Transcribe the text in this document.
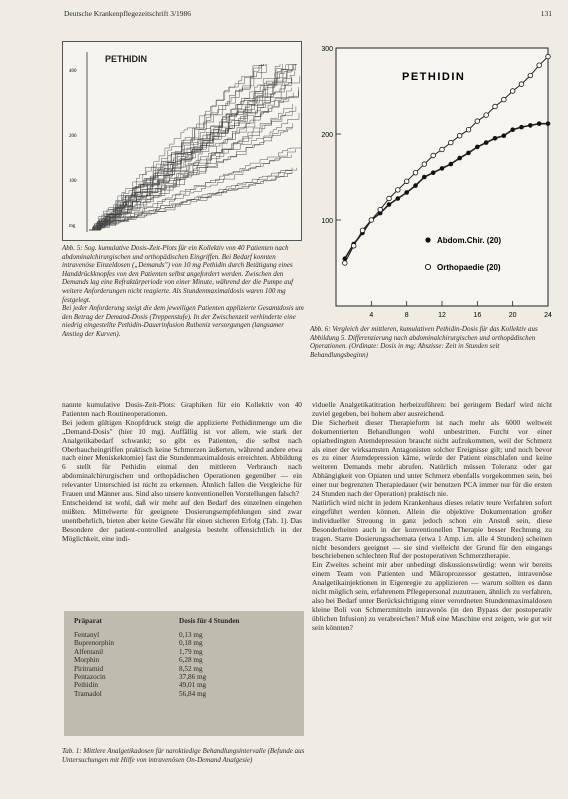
Deutsche Krankenpflegezeitschrift 3/1986	131
PETHIDIN
400
200
100
mg
Abb. 5: Sog. kumulative Dosis-Zeit-Plots für ein Kollektiv von 40 Patienten nach abdominalchirurgischen und orthopädischen Eingriffen. Bei Bedarf konnten intravenöse Einzeldosen („Demands") von 10 mg Pethidin durch Betätigung eines Handdrückknopfes von den Patienten selbst angefordert werden. Zwischen den Demands lag eine Refraktärperiode von einer Minute, während der die Pumpe auf weitere Anforderungen nicht reagierte. Als Stundenmaximaldosis waren 100 mg festgelegt.
Bei jeder Anforderung steigt die dem jeweiligen Patienten applizierte Gesamtdosis um den Betrag der Demand-Dosis (Treppenstufe). In der Zwischenzeit verhinderte eine niedrig eingestellte Pethidin-Dauerinfusion Rutheniz versorgungen (langsamer Anstieg der Kurven).
100
200
300
4	8	12	16	20	24
PETHIDIN
Abdom.Chir. (20)
Orthopaedie (20)
Abb. 6: Vergleich der mittleren, kumulativen Pethidin-Dosis für das Kollektiv aus Abbildung 5. Differenzierung nach abdominalchirurgischen und orthopädischen Operationen. (Ordinate: Dosis in mg; Abszisse: Zeit in Stunden seit Behandlungsbeginn)

nannte kumulative Dosis-Zeit-Plots: Graphiken für ein Kollektiv von 40 Patienten nach Routineoperationen.

Bei jedem gültigen Knopfdruck steigt die applizierte Pethidinmenge um die „Demand-Dosis" (hier 10 mg). Auffällig ist vor allem, wie stark der Analgetikabedarf schwankt; so gibt es Patienten, die selbst nach Oberbaucheingriffen praktisch keine Schmerzen äußerten, während andere etwa nach einer Meniskektomie) fast die Stundenmaximaldosis erreichten. Abbildung 6 stellt für Pethidin einmal den mittleren Verbrauch nach abdominalchirurgischen und orthopädischen Operationen gegenüber — ein relevanter Unterschied ist nicht zu erkennen. Ähnlich fallen die Vergleiche für Frauen und Männer aus. Sind also unsere konventionellen Vorstellungen falsch?

Entscheidend ist wohl, daß wir mehr auf den Bedarf des einzelnen eingehen müßten. Mittelwerte für geeignete Dosierungsempfehlungen sind zwar unentbehrlich, bieten aber keine Gewähr für einen sicheren Erfolg (Tab. 1). Das Besondere der patient-controlled analgesia besteht offensichtlich in der Möglichkeit, eine indi-

viduelle Analgetikatitration herbeizuführen: bei geringem Bedarf wird nicht zuviel gegeben, bei hohem aber ausreichend.

Die Sicherheit dieser Therapieform ist nach mehr als 6000 weltweit dokumentierten Behandlungen wohl unbestritten. Furcht vor einer opiatbedingten Atemdepression braucht nicht aufzukommen, weil der Schmerz als einer der wirksamsten Antagonisten solcher Ereignisse gilt; und noch bevor es zu einer Atemdepression käme, würde der Patient einschlafen und keine weiteren Demands mehr abrufen. Natürlich müssen Toleranz oder gar Abhängigkeit von Opiaten und unter Schmerz ebenfalls vorgekommen sein, bei einer nur begrenzten Therapiedauer (wir benutzen PCA immer nur für die ersten 24 Stunden nach der Operation) praktisch nie.

Natürlich wird nicht in jedem Krankenhaus dieses relativ teure Verfahren sofort eingeführt werden können. Allein die objektive Dokumentation großer individueller Streuung in ganz jedoch schon ein Anstoß sein, diese Besonderheiten auch in der konventionellen Therapie besser Rechnung zu tragen. Starre Dosierungsschemata (etwa 1 Amp. i.m. alle 4 Stunden) scheinen nicht besonders geeignet — sie sind vielleicht der Grund für den eingangs beschriebenen schlechten Ruf der postoperativen Schmerztherapie.

Ein Zweites scheint mir aber unbedingt diskussionswürdig: wenn wir bereits einem Team von Patienten und Mikroprozessor gestatten, intravenöse Analgetikainjektionen in Eigenregie zu applizieren — warum sollten es dann nicht möglich sein, erfahrenem Pflegepersonal zuzutrauen, ähnlich zu verfahren, also bei Bedarf unter Berücksichtigung einer verordneten Stundenmaximaldosen kleine Boli von Schmerzmitteln intravenös (in den Bypass der postoperativ üblichen Infusion) zu verabreichen? Muß eine Maschine erst zeigen, wie gut wir sein könnten?

Präparat	Dosis für 4 Stunden
Fentanyl	0,13 mg
Buprenorphin	0,18 mg
Alfentanil	1,79 mg
Morphin	6,28 mg
Piritramid	8,52 mg
Pentazocin	37,86 mg
Pethidin	49,01 mg
Tramadol	56,84 mg
Tab. 1: Mittlere Analgetikadosen für naroktiedige Behandlungsintervalle (Befunde aus Untersuchungen mit Hilfe von intravenösen On-Demand Analgesie)
